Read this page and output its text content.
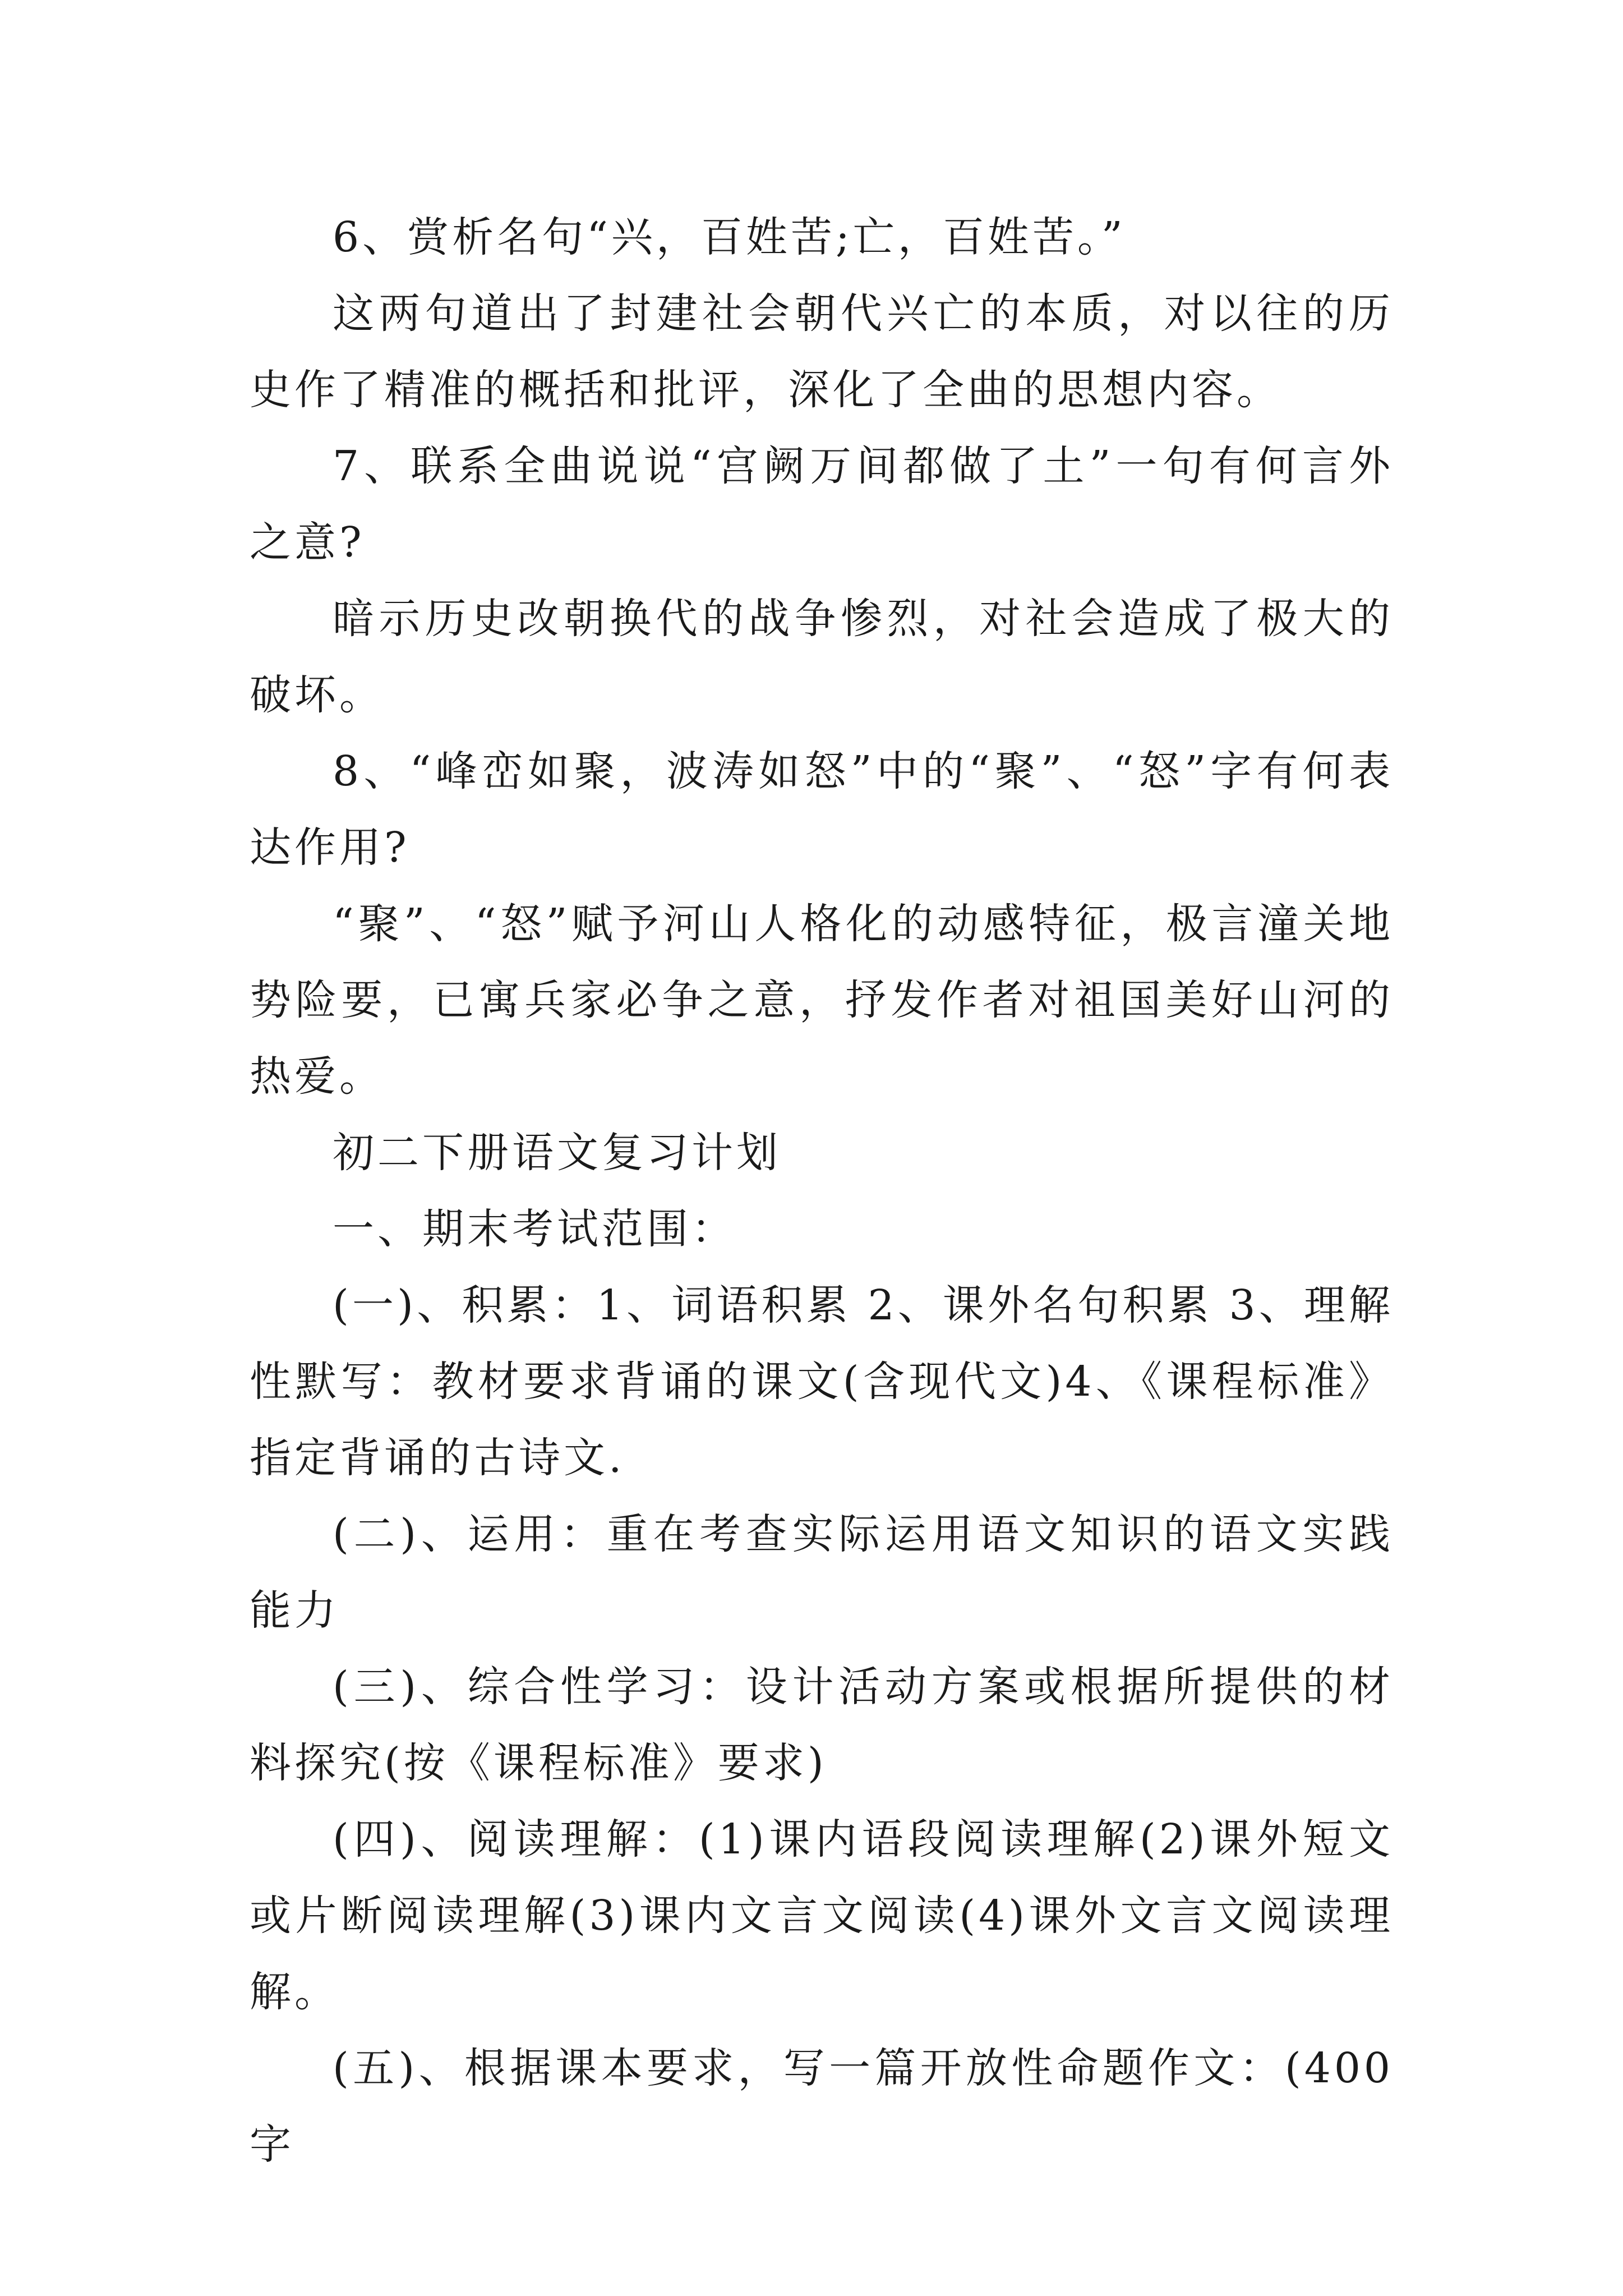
6、赏析名句“兴，百姓苦;亡，百姓苦。”

这两句道出了封建社会朝代兴亡的本质，对以往的历史作了精准的概括和批评，深化了全曲的思想内容。

7、联系全曲说说“宫阙万间都做了土”一句有何言外之意?

暗示历史改朝换代的战争惨烈，对社会造成了极大的破坏。

8、“峰峦如聚，波涛如怒”中的“聚”、“怒”字有何表达作用?

“聚”、“怒”赋予河山人格化的动感特征，极言潼关地势险要，已寓兵家必争之意，抒发作者对祖国美好山河的热爱。

初二下册语文复习计划

一、期末考试范围：

(一)、积累：1、词语积累 2、课外名句积累 3、理解性默写：教材要求背诵的课文(含现代文)4、《课程标准》指定背诵的古诗文.

(二)、运用：重在考查实际运用语文知识的语文实践能力

(三)、综合性学习：设计活动方案或根据所提供的材料探究(按《课程标准》要求)

(四)、阅读理解：(1)课内语段阅读理解(2)课外短文或片断阅读理解(3)课内文言文阅读(4)课外文言文阅读理解。

(五)、根据课本要求，写一篇开放性命题作文：(400字
